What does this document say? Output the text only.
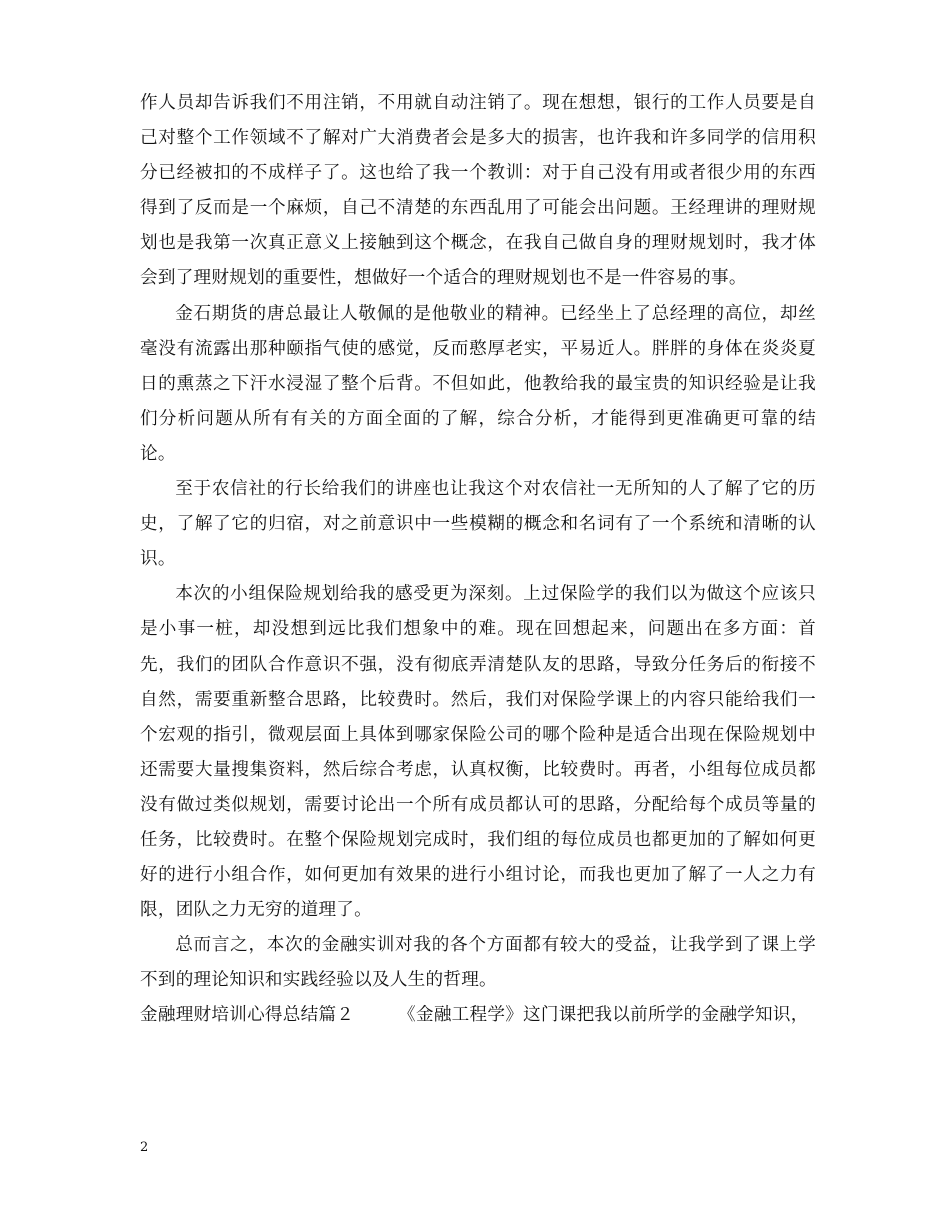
作人员却告诉我们不用注销，不用就自动注销了。现在想想，银行的工作人员要是自己对整个工作领域不了解对广大消费者会是多大的损害，也许我和许多同学的信用积分已经被扣的不成样子了。这也给了我一个教训：对于自己没有用或者很少用的东西得到了反而是一个麻烦，自己不清楚的东西乱用了可能会出问题。王经理讲的理财规划也是我第一次真正意义上接触到这个概念，在我自己做自身的理财规划时，我才体会到了理财规划的重要性，想做好一个适合的理财规划也不是一件容易的事。

金石期货的唐总最让人敬佩的是他敬业的精神。已经坐上了总经理的高位，却丝毫没有流露出那种颐指气使的感觉，反而憨厚老实，平易近人。胖胖的身体在炎炎夏日的熏蒸之下汗水浸湿了整个后背。不但如此，他教给我的最宝贵的知识经验是让我们分析问题从所有有关的方面全面的了解，综合分析，才能得到更准确更可靠的结论。

至于农信社的行长给我们的讲座也让我这个对农信社一无所知的人了解了它的历史，了解了它的归宿，对之前意识中一些模糊的概念和名词有了一个系统和清晰的认识。

本次的小组保险规划给我的感受更为深刻。上过保险学的我们以为做这个应该只是小事一桩，却没想到远比我们想象中的难。现在回想起来，问题出在多方面：首先，我们的团队合作意识不强，没有彻底弄清楚队友的思路，导致分任务后的衔接不自然，需要重新整合思路，比较费时。然后，我们对保险学课上的内容只能给我们一个宏观的指引，微观层面上具体到哪家保险公司的哪个险种是适合出现在保险规划中还需要大量搜集资料，然后综合考虑，认真权衡，比较费时。再者，小组每位成员都没有做过类似规划，需要讨论出一个所有成员都认可的思路，分配给每个成员等量的任务，比较费时。在整个保险规划完成时，我们组的每位成员也都更加的了解如何更好的进行小组合作，如何更加有效果的进行小组讨论，而我也更加了解了一人之力有限，团队之力无穷的道理了。

总而言之，本次的金融实训对我的各个方面都有较大的受益，让我学到了课上学不到的理论知识和实践经验以及人生的哲理。

金融理财培训心得总结篇２	《金融工程学》这门课把我以前所学的金融学知识，

2
